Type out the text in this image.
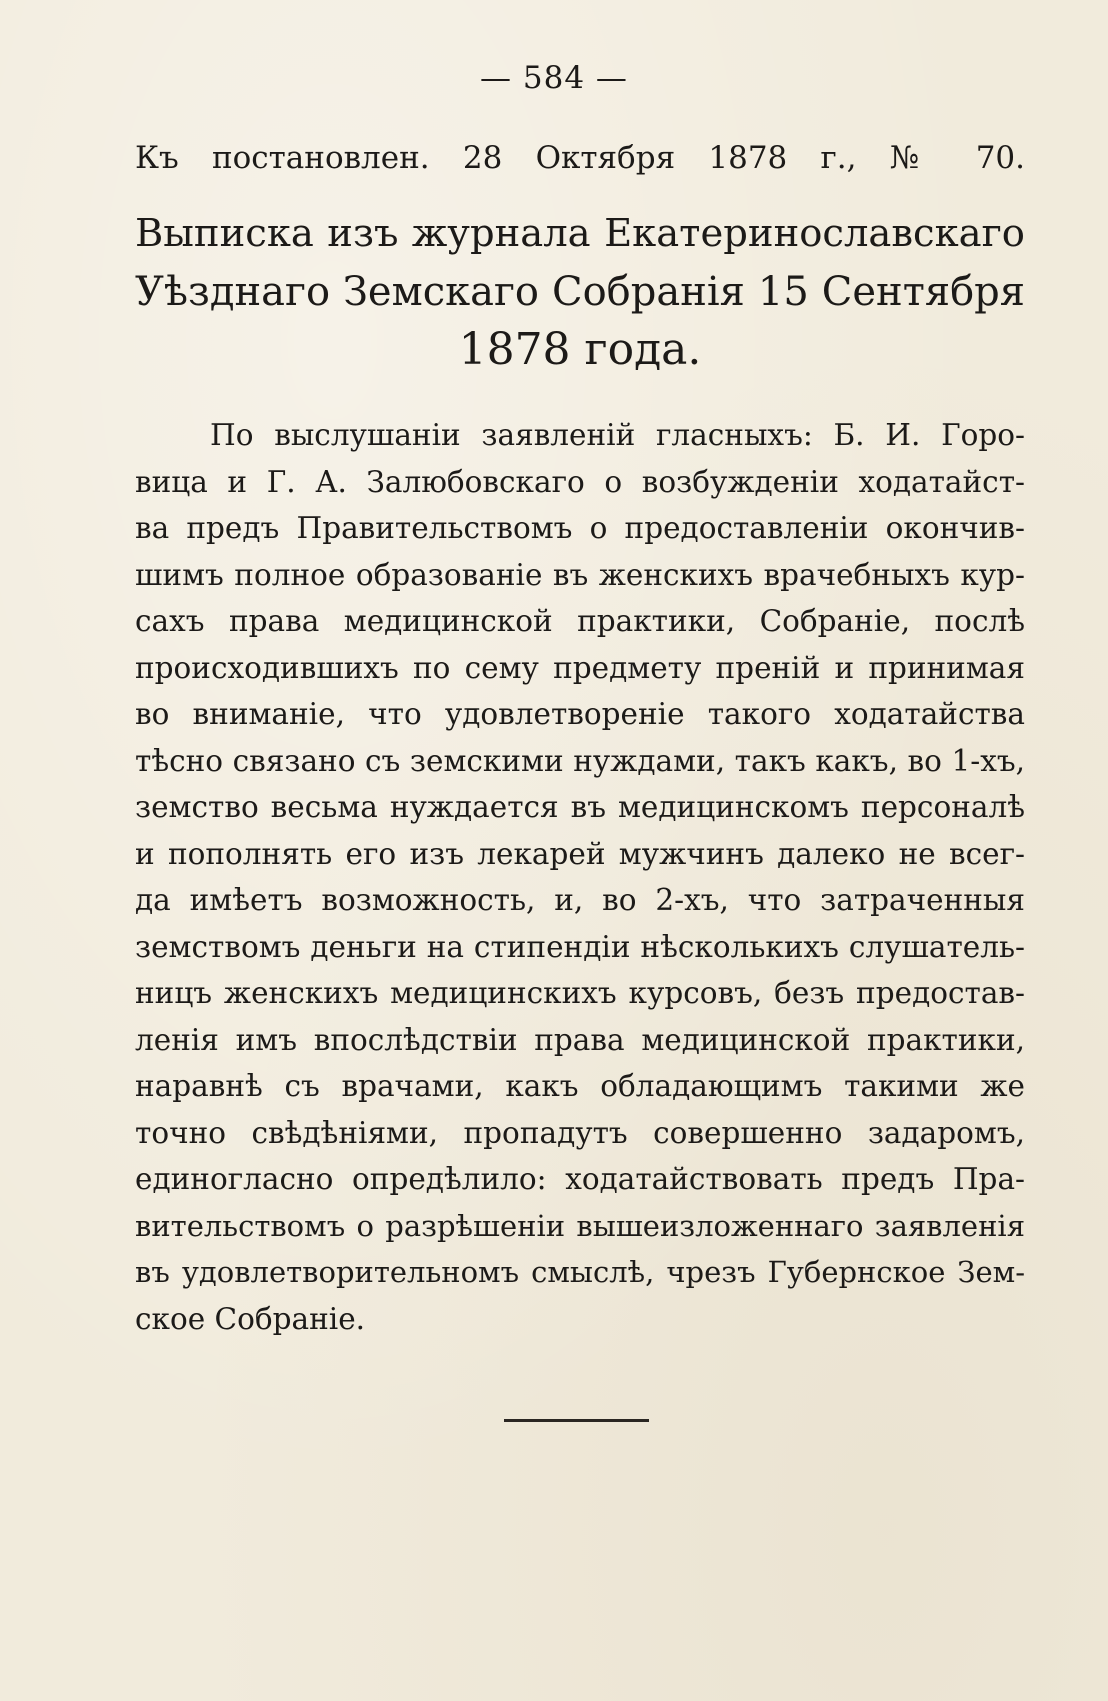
— 584 —
Къ постановлен. 28 Октября 1878 г., № 70.
Выписка изъ журнала Екатеринославскаго
Уѣзднаго Земскаго Собранія 15 Сентября
1878 года.
По выслушаніи заявленій гласныхъ: Б. И. Горо-
вица и Г. А. Залюбовскаго о возбужденіи ходатайст-
ва предъ Правительствомъ о предоставленіи окончив-
шимъ полное образованіе въ женскихъ врачебныхъ кур-
сахъ права медицинской практики, Собраніе, послѣ
происходившихъ по сему предмету преній и принимая
во вниманіе, что удовлетвореніе такого ходатайства
тѣсно связано съ земскими нуждами, такъ какъ, во 1-хъ,
земство весьма нуждается въ медицинскомъ персоналѣ
и пополнять его изъ лекарей мужчинъ далеко не всег-
да имѣетъ возможность, и, во 2-хъ, что затраченныя
земствомъ деньги на стипендіи нѣсколькихъ слушатель-
ницъ женскихъ медицинскихъ курсовъ, безъ предостав-
ленія имъ впослѣдствіи права медицинской практики,
наравнѣ съ врачами, какъ обладающимъ такими же
точно свѣдѣніями, пропадутъ совершенно задаромъ,
единогласно опредѣлило: ходатайствовать предъ Пра-
вительствомъ о разрѣшеніи вышеизложеннаго заявленія
въ удовлетворительномъ смыслѣ, чрезъ Губернское Зем-
ское Собраніе.
